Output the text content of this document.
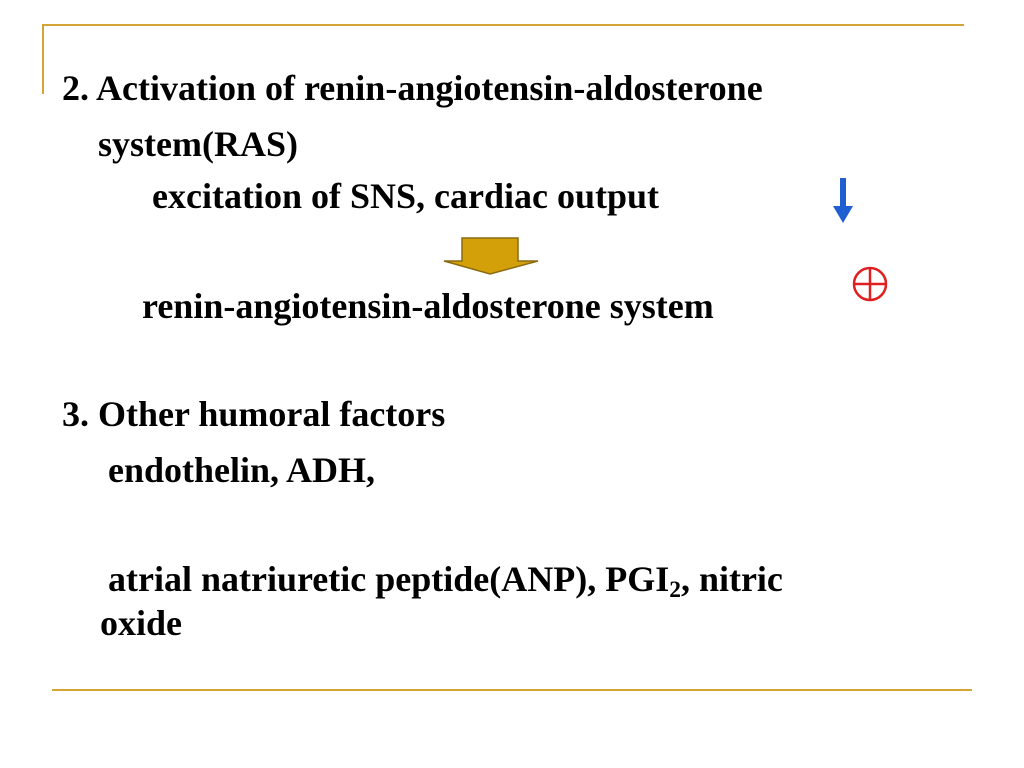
2. Activation of renin-angiotensin-aldosterone
system(RAS)
excitation of SNS, cardiac output
renin-angiotensin-aldosterone system
3. Other humoral factors
endothelin, ADH,
atrial natriuretic peptide(ANP), $PGI_2$, nitric
oxide
